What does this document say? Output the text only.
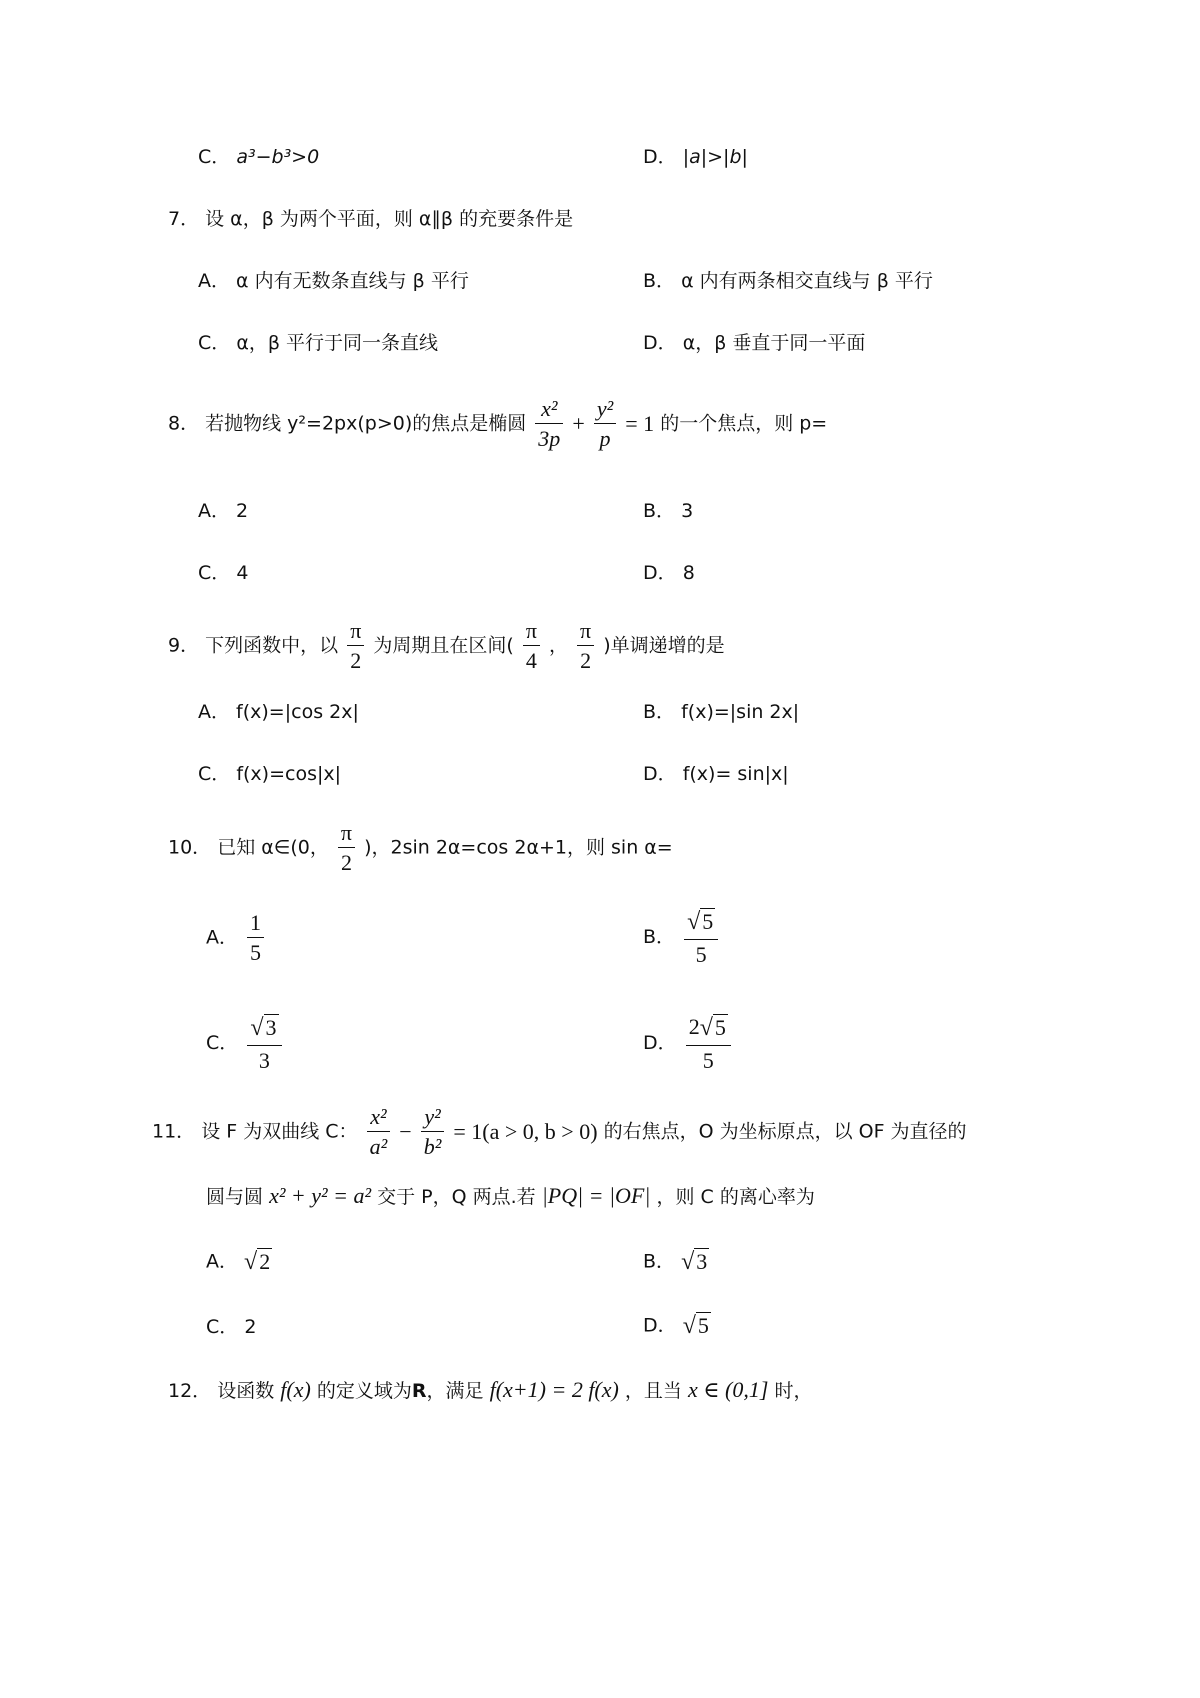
C． a³−b³>0	D． |a|>|b|
7． 设 α，β 为两个平面，则 α∥β 的充要条件是
A． α 内有无数条直线与 β 平行	B． α 内有两条相交直线与 β 平行
C． α，β 平行于同一条直线	D． α，β 垂直于同一平面
8． 若抛物线 y²=2px(p>0)的焦点是椭圆 $\frac{\text{x²}}{3p} + \frac{\text{y²}}{p} = 1$ 的一个焦点，则 p=
A． 2	B． 3
C． 4	D． 8
9． 下列函数中，以 $\frac{\pi}{2}$ 为周期且在区间( $\frac{\pi}{4}$ ， $\frac{\pi}{2}$ )单调递增的是
A． f(x)=|cos 2x|	B． f(x)=|sin 2x|
C． f(x)=cos|x|	D． f(x)= sin|x|
10． 已知 α∈(0， $\frac{\pi}{2}$ )，2sin 2α=cos 2α+1，则 sin α=
A． $\frac{1}{5}$	B． $\frac{√5}{5}$
C． $\frac{√3}{3}$	D． $\frac{2√5}{5}$
11． 设 F 为双曲线 C： $\frac{\text{x²}}{\text{a²}} - \frac{\text{y²}}{\text{b²}} = 1(a > 0$, b > 0) 的右焦点，O 为坐标原点，以 OF 为直径的
圆与圆 x² + y² = a² 交于 P，Q 两点.若 |PQ| = |OF| ，则 C 的离心率为
A． √2	B． √3
C． 2	D． √5
12． 设函数 f(x) 的定义域为R，满足 f(x+1) = 2 f(x) ，且当 x ∈ (0,1] 时，
